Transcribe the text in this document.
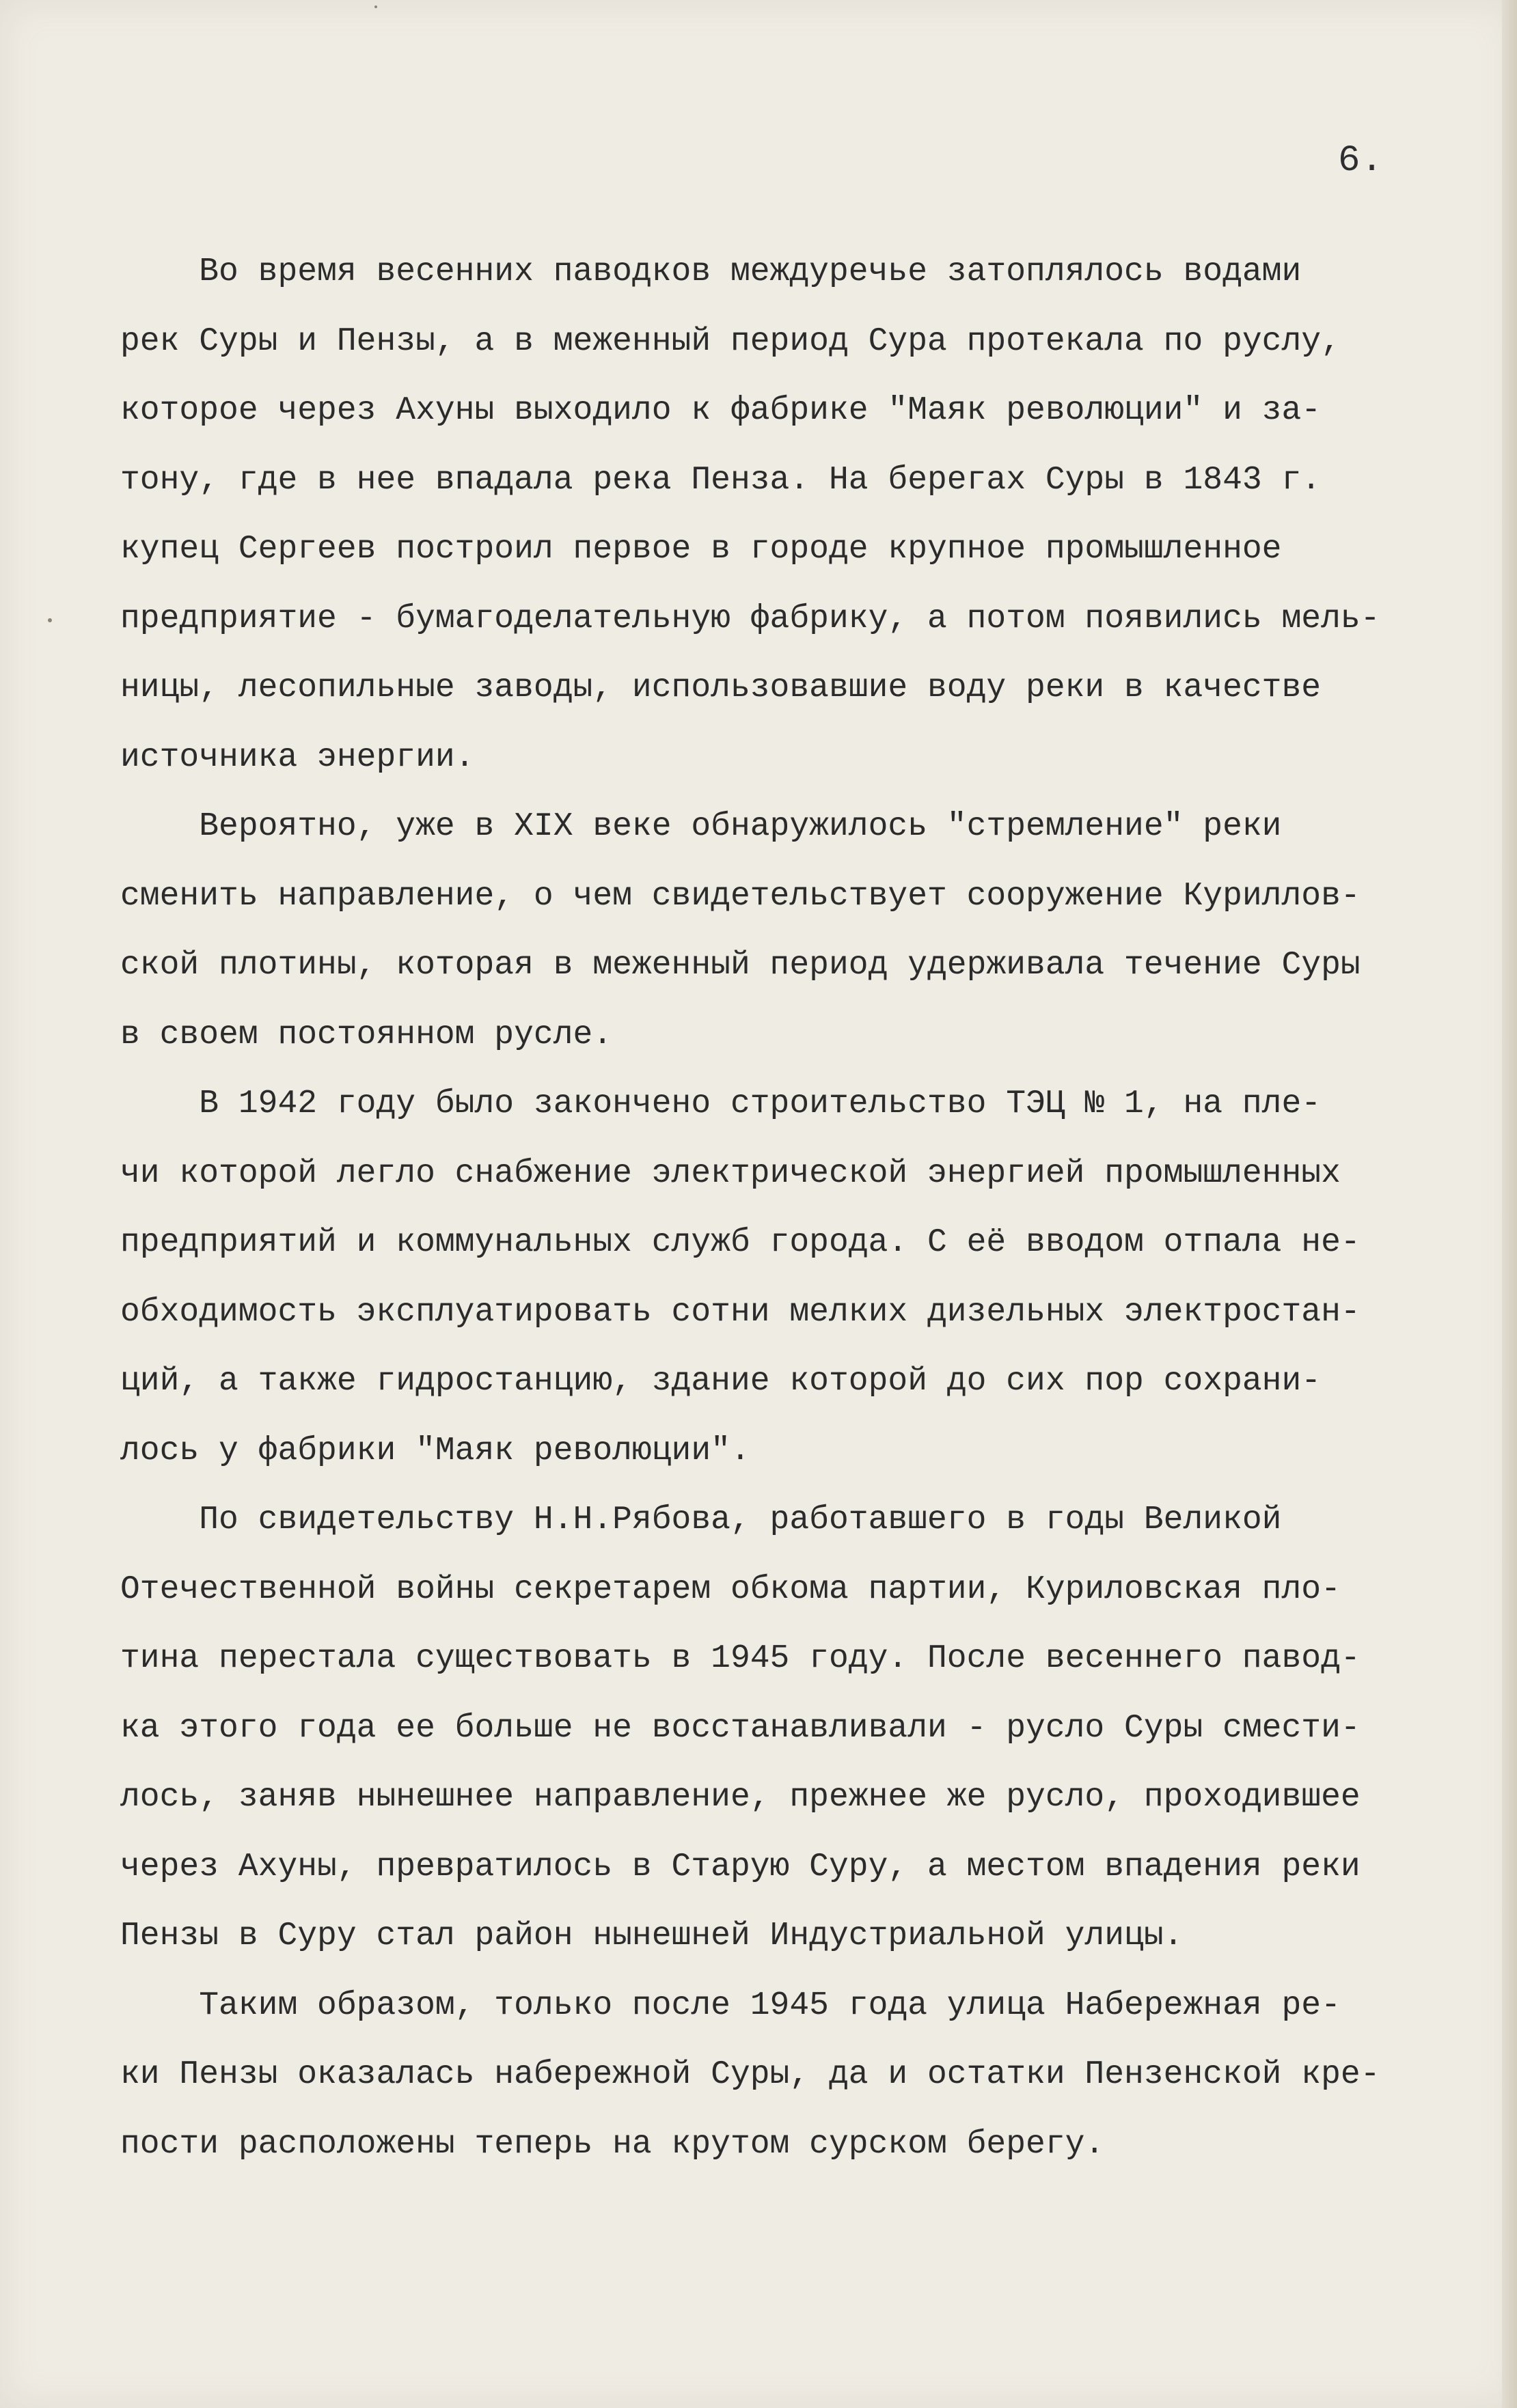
6.
Во время весенних паводков междуречье затоплялось водами
рек Суры и Пензы, а в меженный период Сура протекала по руслу,
которое через Ахуны выходило к фабрике "Маяк революции" и за-
тону, где в нее впадала река Пенза. На берегах Суры в 1843 г.
купец Сергеев построил первое в городе крупное промышленное
предприятие - бумагоделательную фабрику, а потом появились мель-
ницы, лесопильные заводы, использовавшие воду реки в качестве
источника энергии.
Вероятно, уже в XIX веке обнаружилось "стремление" реки
сменить направление, о чем свидетельствует сооружение Куриллов-
ской плотины, которая в меженный период удерживала течение Суры
в своем постоянном русле.
В 1942 году было закончено строительство ТЭЦ № 1, на пле-
чи которой легло снабжение электрической энергией промышленных
предприятий и коммунальных служб города. С её вводом отпала не-
обходимость эксплуатировать сотни мелких дизельных электростан-
ций, а также гидростанцию, здание которой до сих пор сохрани-
лось у фабрики "Маяк революции".
По свидетельству Н.Н.Рябова, работавшего в годы Великой
Отечественной войны секретарем обкома партии, Куриловская пло-
тина перестала существовать в 1945 году. После весеннего павод-
ка этого года ее больше не восстанавливали - русло Суры смести-
лось, заняв нынешнее направление, прежнее же русло, проходившее
через Ахуны, превратилось в Старую Суру, а местом впадения реки
Пензы в Суру стал район нынешней Индустриальной улицы.
Таким образом, только после 1945 года улица Набережная ре-
ки Пензы оказалась набережной Суры, да и остатки Пензенской кре-
пости расположены теперь на крутом сурском берегу.
